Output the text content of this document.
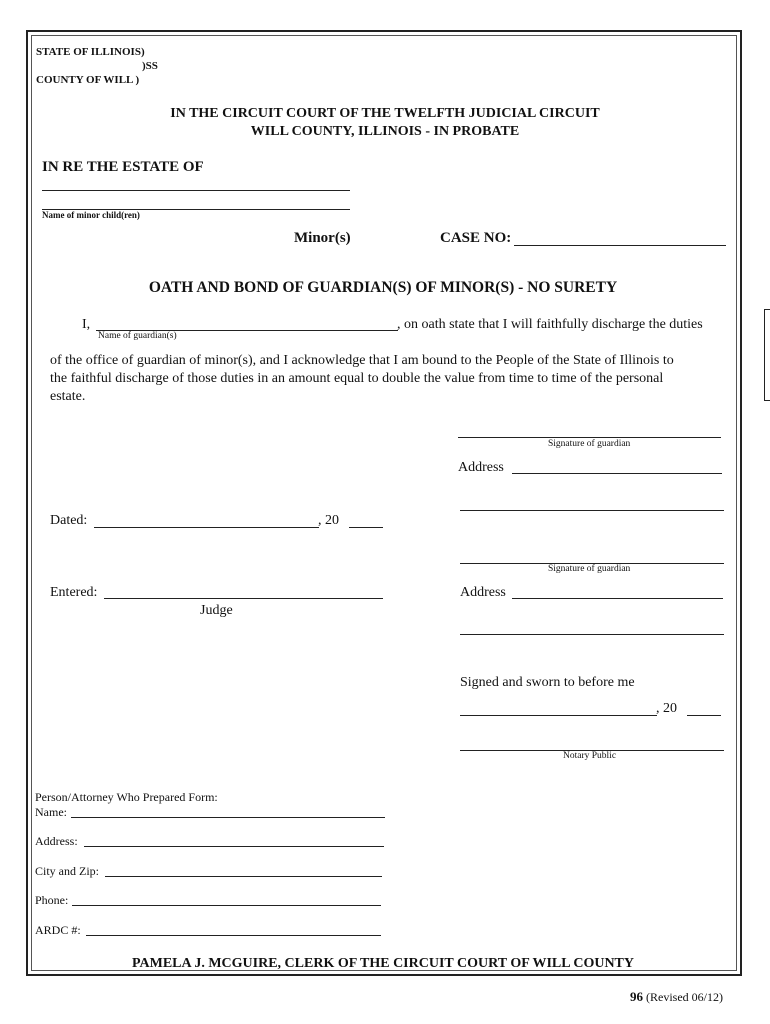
STATE OF ILLINOIS)
)SS
COUNTY OF WILL )
IN THE CIRCUIT COURT OF THE TWELFTH JUDICIAL CIRCUIT
WILL COUNTY, ILLINOIS - IN PROBATE
IN RE THE ESTATE OF
Name of minor child(ren)
Minor(s)	CASE NO:
OATH AND BOND OF GUARDIAN(S) OF MINOR(S) - NO SURETY
I,
Name of guardian(s)
, on oath state that I will faithfully discharge the duties
of the office of guardian of minor(s), and I acknowledge that I am bound to the People of the State of Illinois to
the faithful discharge of those duties in an amount equal to double the value from time to time of the personal
estate.
Signature of guardian
Address
Dated:	, 20
Signature of guardian
Address
Entered:
Judge
Signed and sworn to before me
, 20
Notary Public
Person/Attorney Who Prepared Form:
Name:
Address:
City and Zip:
Phone:
ARDC #:
PAMELA J. MCGUIRE, CLERK OF THE CIRCUIT COURT OF WILL COUNTY
96 (Revised 06/12)
